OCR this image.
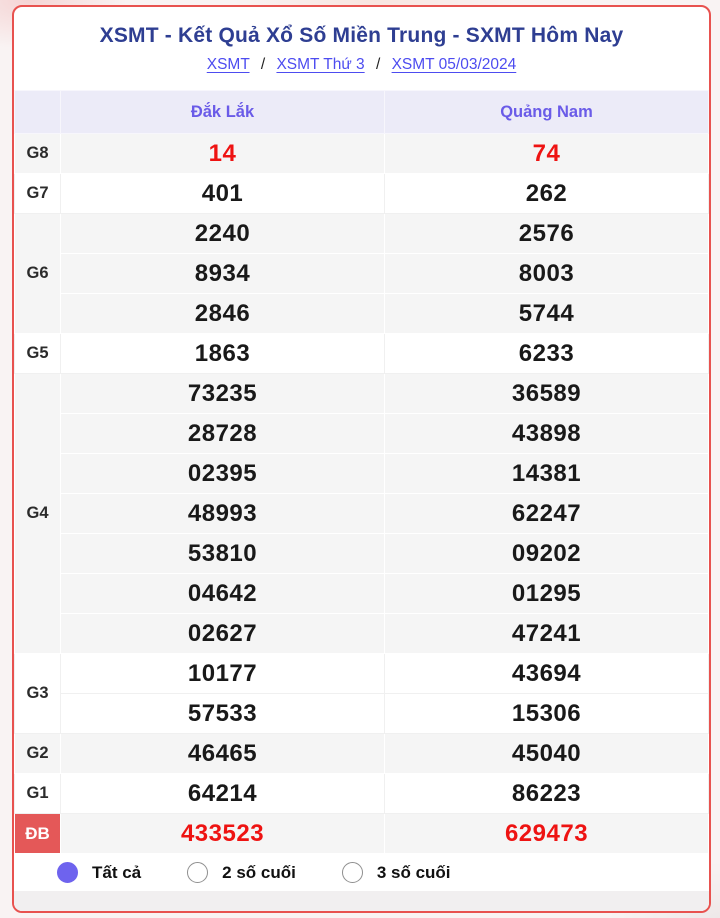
XSMT - Kết Quả Xổ Số Miền Trung - SXMT Hôm Nay
XSMT / XSMT Thứ 3 / XSMT 05/03/2024
	Đắk Lắk	Quảng Nam
G8	14	74
G7	401	262
G6	2240	2576
	8934	8003
	2846	5744
G5	1863	6233
G4	73235	36589
	28728	43898
	02395	14381
	48993	62247
	53810	09202
	04642	01295
	02627	47241
G3	10177	43694
	57533	15306
G2	46465	45040
G1	64214	86223
ĐB	433523	629473
Tất cả	2 số cuối	3 số cuối
